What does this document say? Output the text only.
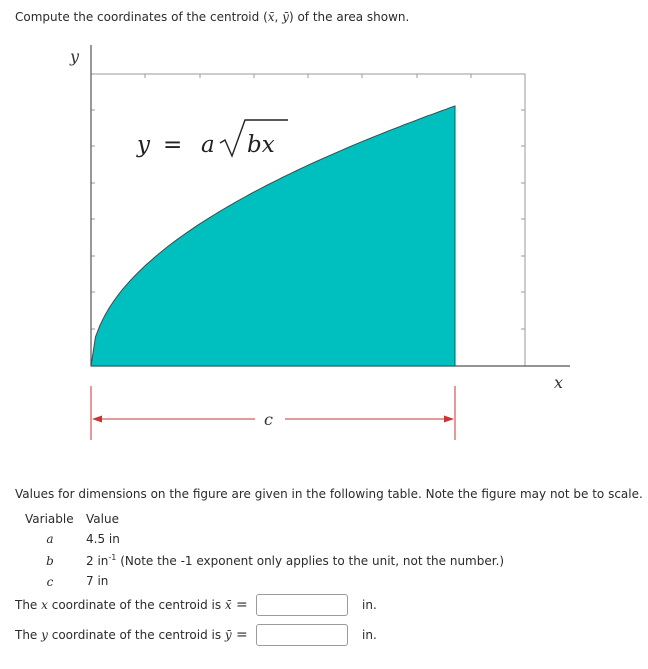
Compute the coordinates of the centroid (x̄, ȳ) of the area shown.
y
x
y = a bx
c
Values for dimensions on the figure are given in the following table. Note the figure may not be to scale.
Variable Value
a	4.5 in
b	2 $in^{-1}$ (Note the -1 exponent only applies to the unit, not the number.)
c	7 in
The x coordinate of the centroid is x̄ =	in.
The y coordinate of the centroid is ȳ =	in.
